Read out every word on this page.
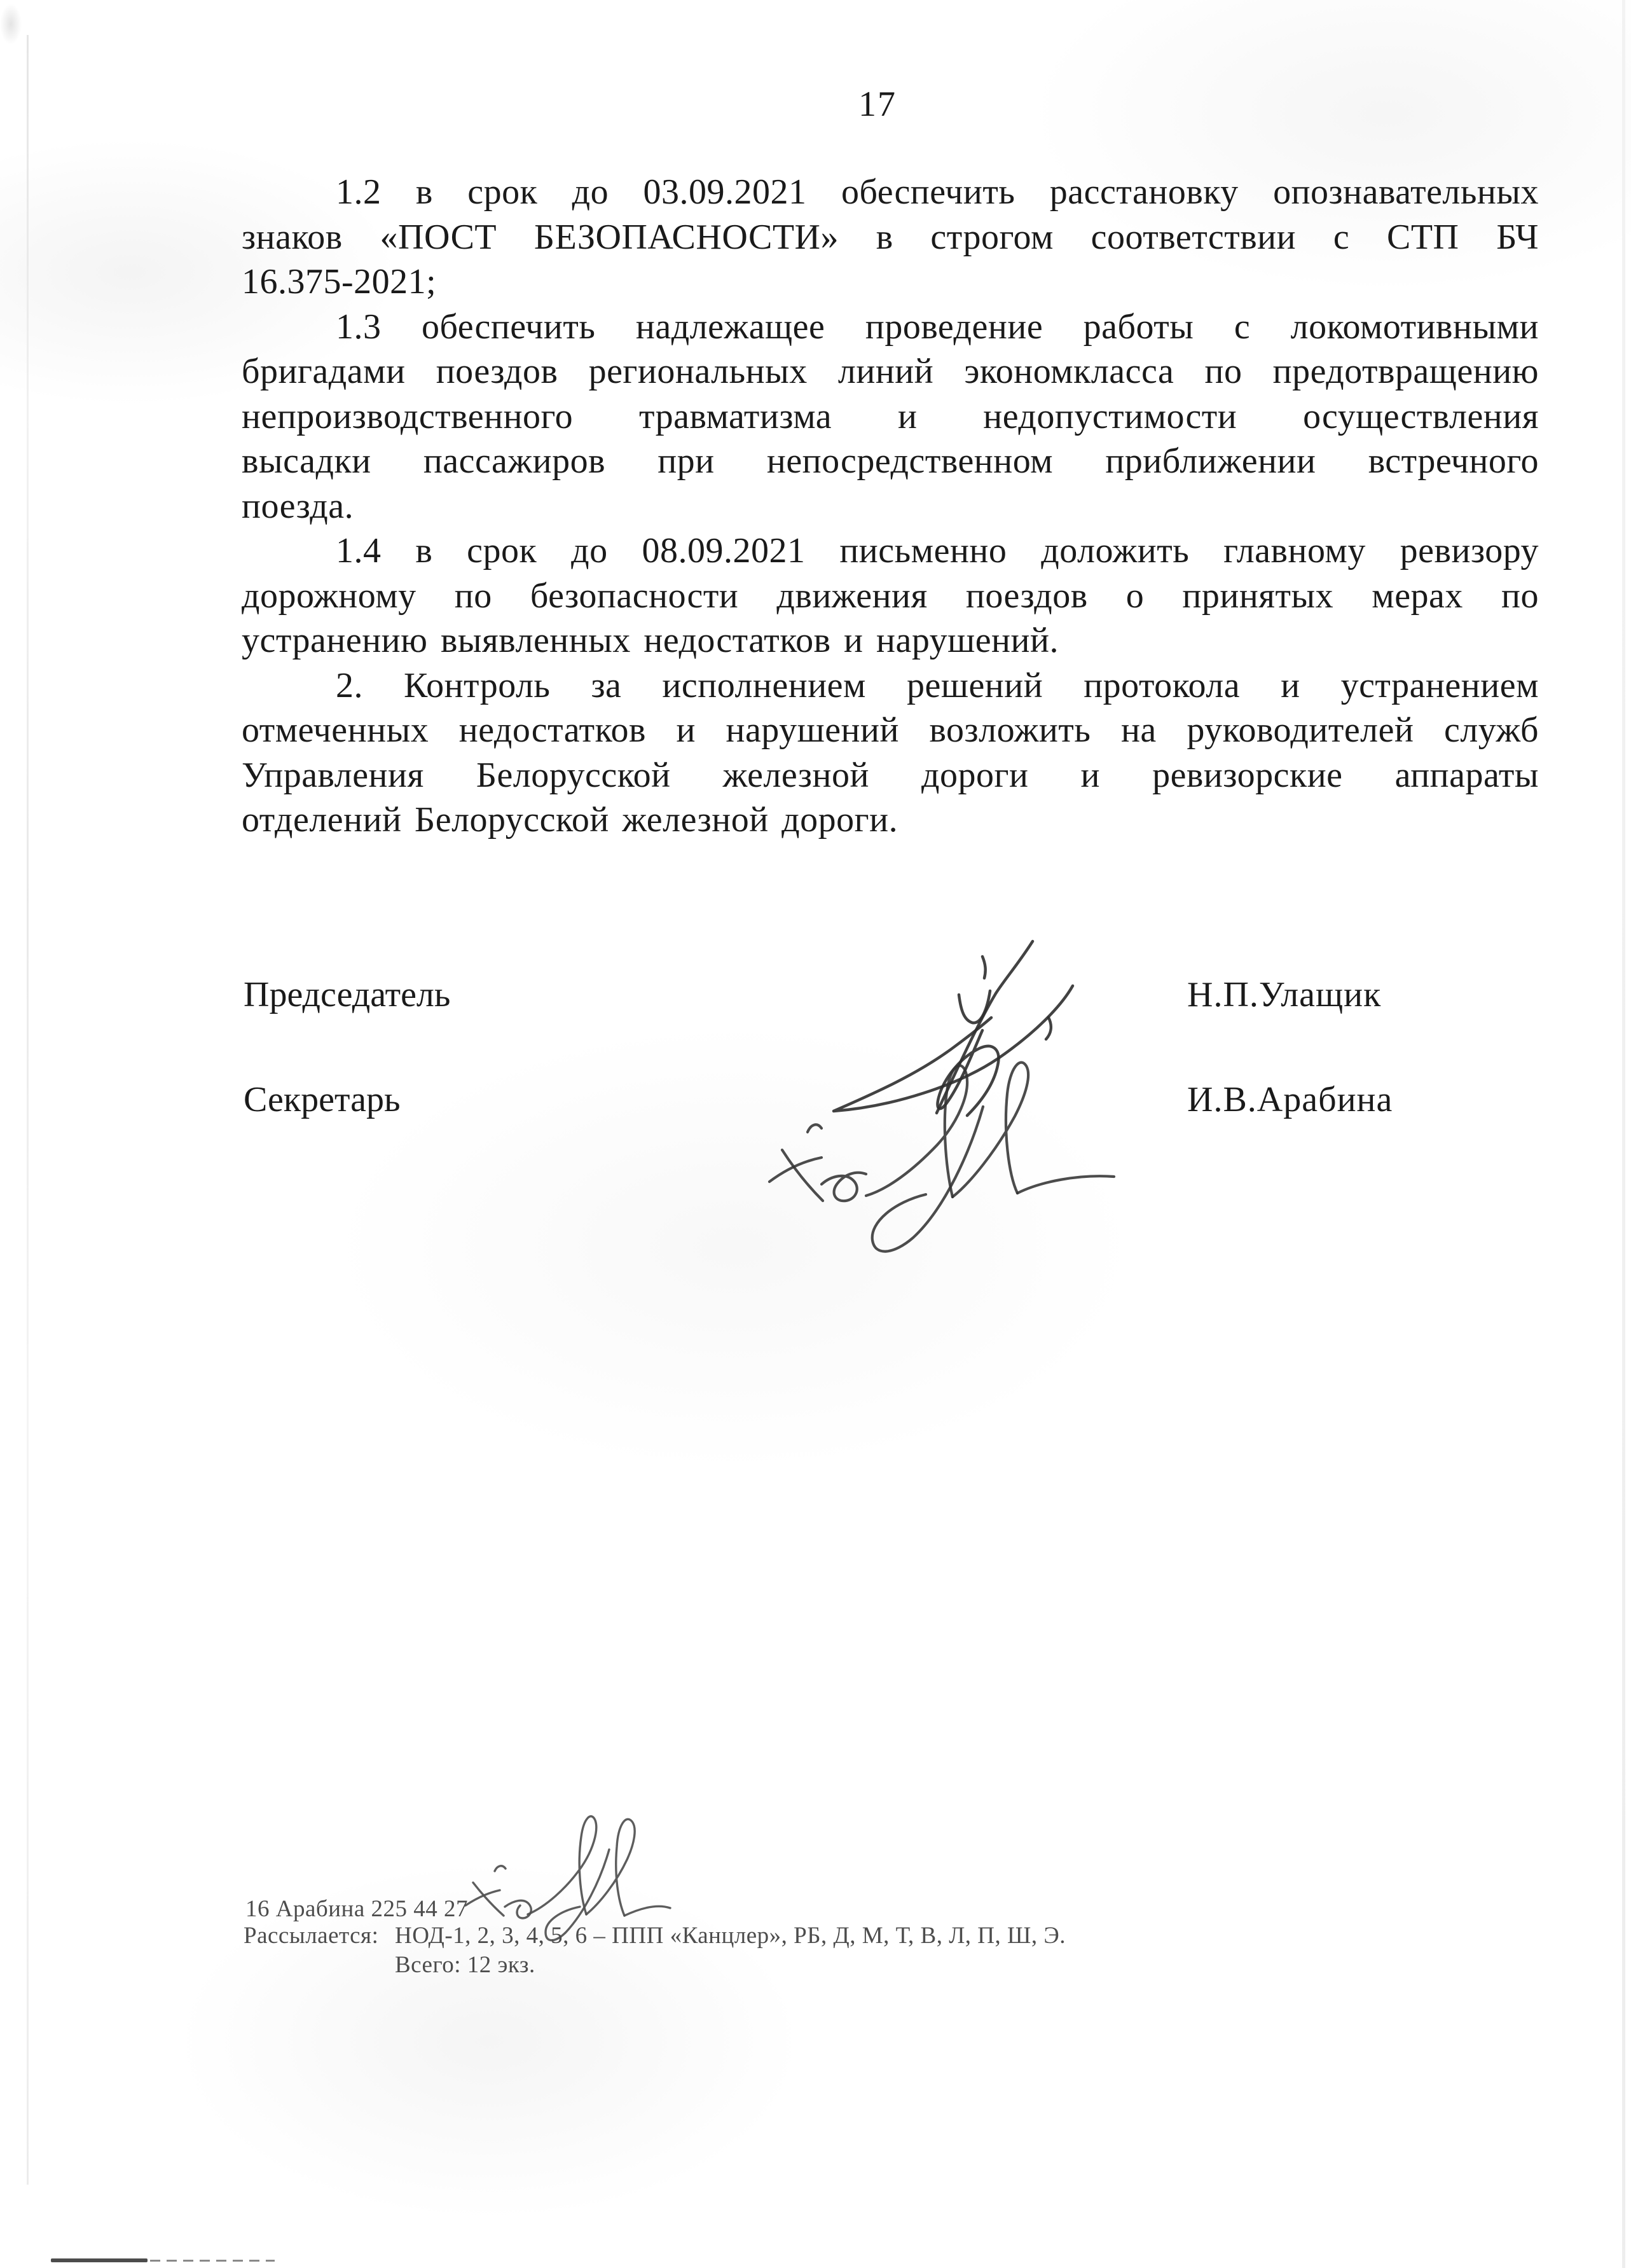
17
1.2 в срок до 03.09.2021 обеспечить расстановку опознавательных
знаков «ПОСТ БЕЗОПАСНОСТИ» в строгом соответствии с СТП БЧ
16.375-2021;
1.3 обеспечить надлежащее проведение работы с локомотивными
бригадами поездов региональных линий экономкласса по предотвращению
непроизводственного травматизма и недопустимости осуществления
высадки пассажиров при непосредственном приближении встречного
поезда.
1.4 в срок до 08.09.2021 письменно доложить главному ревизору
дорожному по безопасности движения поездов о принятых мерах по
устранению выявленных недостатков и нарушений.
2. Контроль за исполнением решений протокола и устранением
отмеченных недостатков и нарушений возложить на руководителей служб
Управления Белорусской железной дороги и ревизорские аппараты
отделений Белорусской железной дороги.
Председатель	Н.П.Улащик
Секретарь	И.В.Арабина
16 Арабина 225 44 27
Рассылается: НОД-1, 2, 3, 4, 5, 6 – ППП «Канцлер», РБ, Д, М, Т, В, Л, П, Ш, Э.
Всего: 12 экз.
